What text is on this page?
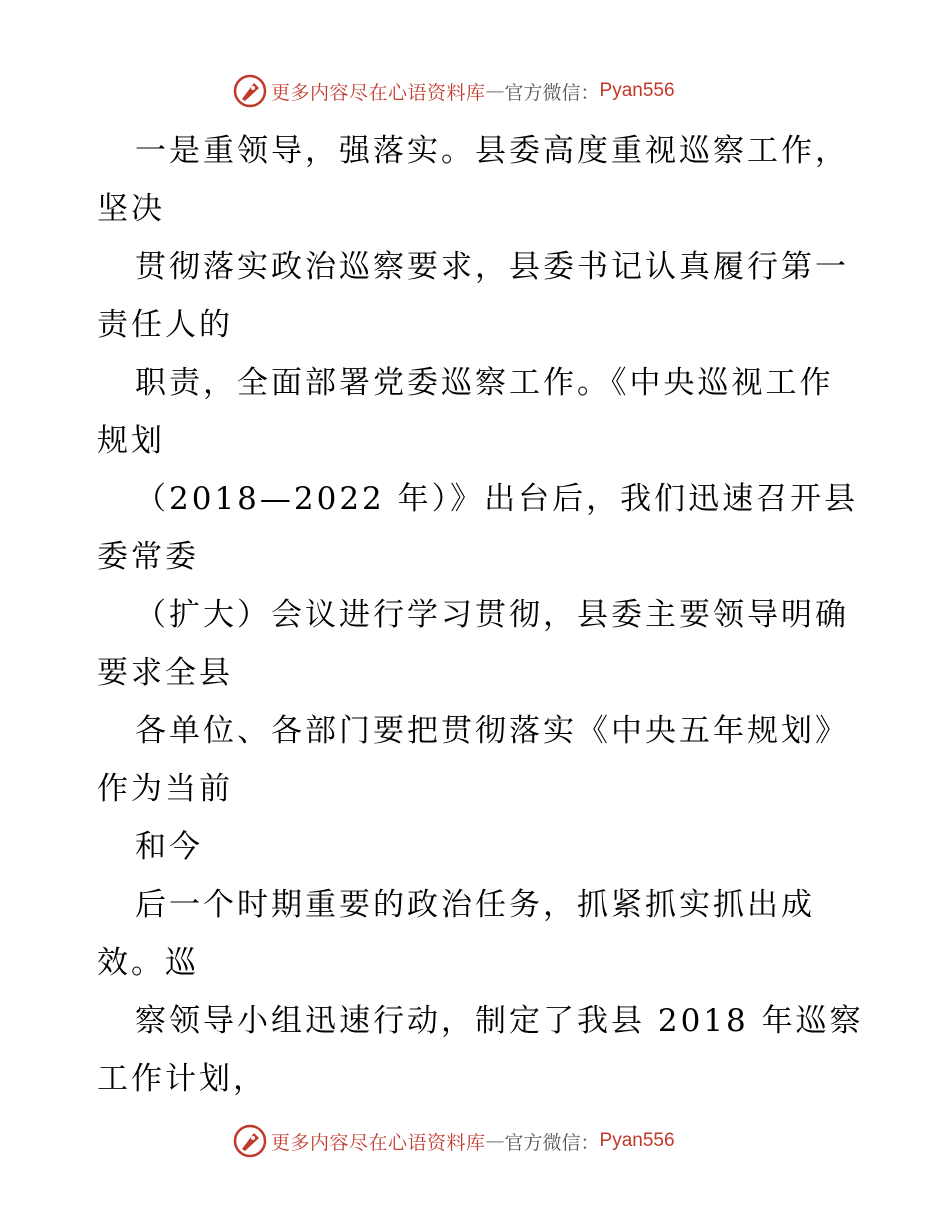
更多内容尽在心语资料库 — 官方微信： Pyan556
一是重领导，强落实。县委高度重视巡察工作，
坚决
贯彻落实政治巡察要求，县委书记认真履行第一
责任人的
职责，全面部署党委巡察工作。《中央巡视工作
规划
（2018—2022 年）》出台后，我们迅速召开县
委常委
（扩大）会议进行学习贯彻，县委主要领导明确
要求全县
各单位、各部门要把贯彻落实《中央五年规划》
作为当前
和今
后一个时期重要的政治任务，抓紧抓实抓出成
效。巡
察领导小组迅速行动，制定了我县 2018 年巡察
工作计划，
更多内容尽在心语资料库 — 官方微信： Pyan556
